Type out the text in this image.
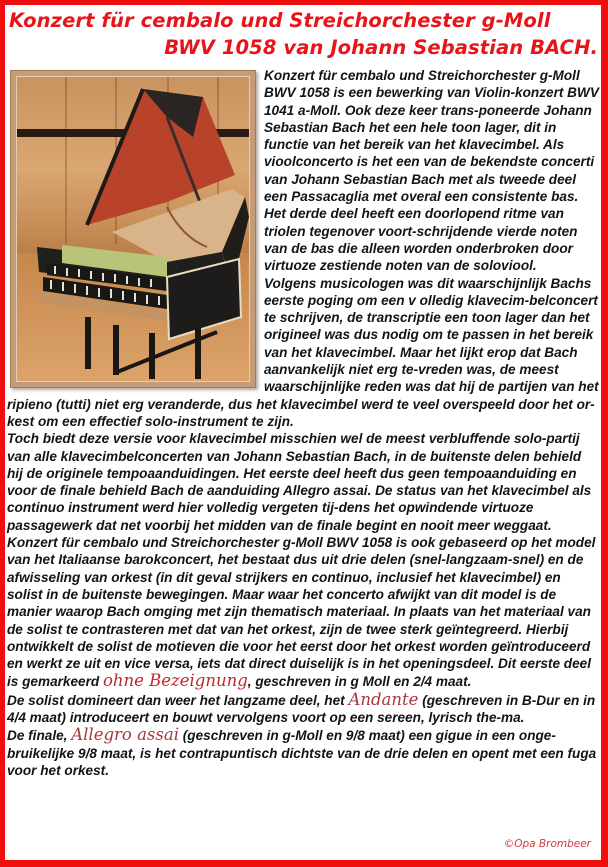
Konzert für cembalo und Streichorchester g-Moll
BWV 1058 van Johann Sebastian BACH.

Konzert für cembalo und Streichorchester g-Moll BWV 1058 is een bewerking van Violin-konzert BWV 1041 a-Moll. Ook deze keer trans-poneerde Johann Sebastian Bach het een hele toon lager, dit in functie van het bereik van het klavecimbel. Als vioolconcerto is het een van de bekendste concerti van Johann Sebastian Bach met als tweede deel een Passacaglia met overal een consistente bas. Het derde deel heeft een doorlopend ritme van triolen tegenover voort-schrijdende vierde noten van de bas die alleen worden onderbroken door virtuoze zestiende noten van de soloviool.

Volgens musicologen was dit waarschijnlijk Bachs eerste poging om een v olledig klavecim-belconcert te schrijven, de transcriptie een toon lager dan het origineel was dus nodig om te passen in het bereik van het klavecimbel. Maar het lijkt erop dat Bach aanvankelijk niet erg te-vreden was, de meest waarschijnlijke reden was dat hij de partijen van het ripieno (tutti) niet erg veranderde, dus het klavecimbel werd te veel overspeeld door het or-kest om een effectief solo-instrument te zijn.

Toch biedt deze versie voor klavecimbel misschien wel de meest verbluffende solo-partij van alle klavecimbelconcerten van Johann Sebastian Bach, in de buitenste delen behield hij de originele tempoaanduidingen. Het eerste deel heeft dus geen tempoaanduiding en voor de finale behield Bach de aanduiding Allegro assai. De status van het klavecimbel als continuo instrument werd hier volledig vergeten tij-dens het opwindende virtuoze passagewerk dat net voorbij het midden van de finale begint en nooit meer weggaat.

Konzert für cembalo und Streichorchester g-Moll BWV 1058 is ook gebaseerd op het model van het Italiaanse barokconcert, het bestaat dus uit drie delen (snel-langzaam-snel) en de afwisseling van orkest (in dit geval strijkers en continuo, inclusief het klavecimbel) en solist in de buitenste bewegingen. Maar waar het concerto afwijkt van dit model is de manier waarop Bach omging met zijn thematisch materiaal. In plaats van het materiaal van de solist te contrasteren met dat van het orkest, zijn de twee sterk geïntegreerd. Hierbij ontwikkelt de solist de motieven die voor het eerst door het orkest worden geïntroduceerd en werkt ze uit en vice versa, iets dat direct duiselijk is in het openingsdeel. Dit eerste deel is gemarkeerd ohne Bezeignung, geschreven in g Moll en 2/4 maat.

De solist domineert dan weer het langzame deel, het Andante (geschreven in B-Dur en in 4/4 maat) introduceert en bouwt vervolgens voort op een sereen, lyrisch the-ma.

De finale, Allegro assai (geschreven in g-Moll en 9/8 maat) een gigue in een onge-bruikelijke 9/8 maat, is het contrapuntisch dichtste van de drie delen en opent met een fuga voor het orkest.

©Opa Brombeer
